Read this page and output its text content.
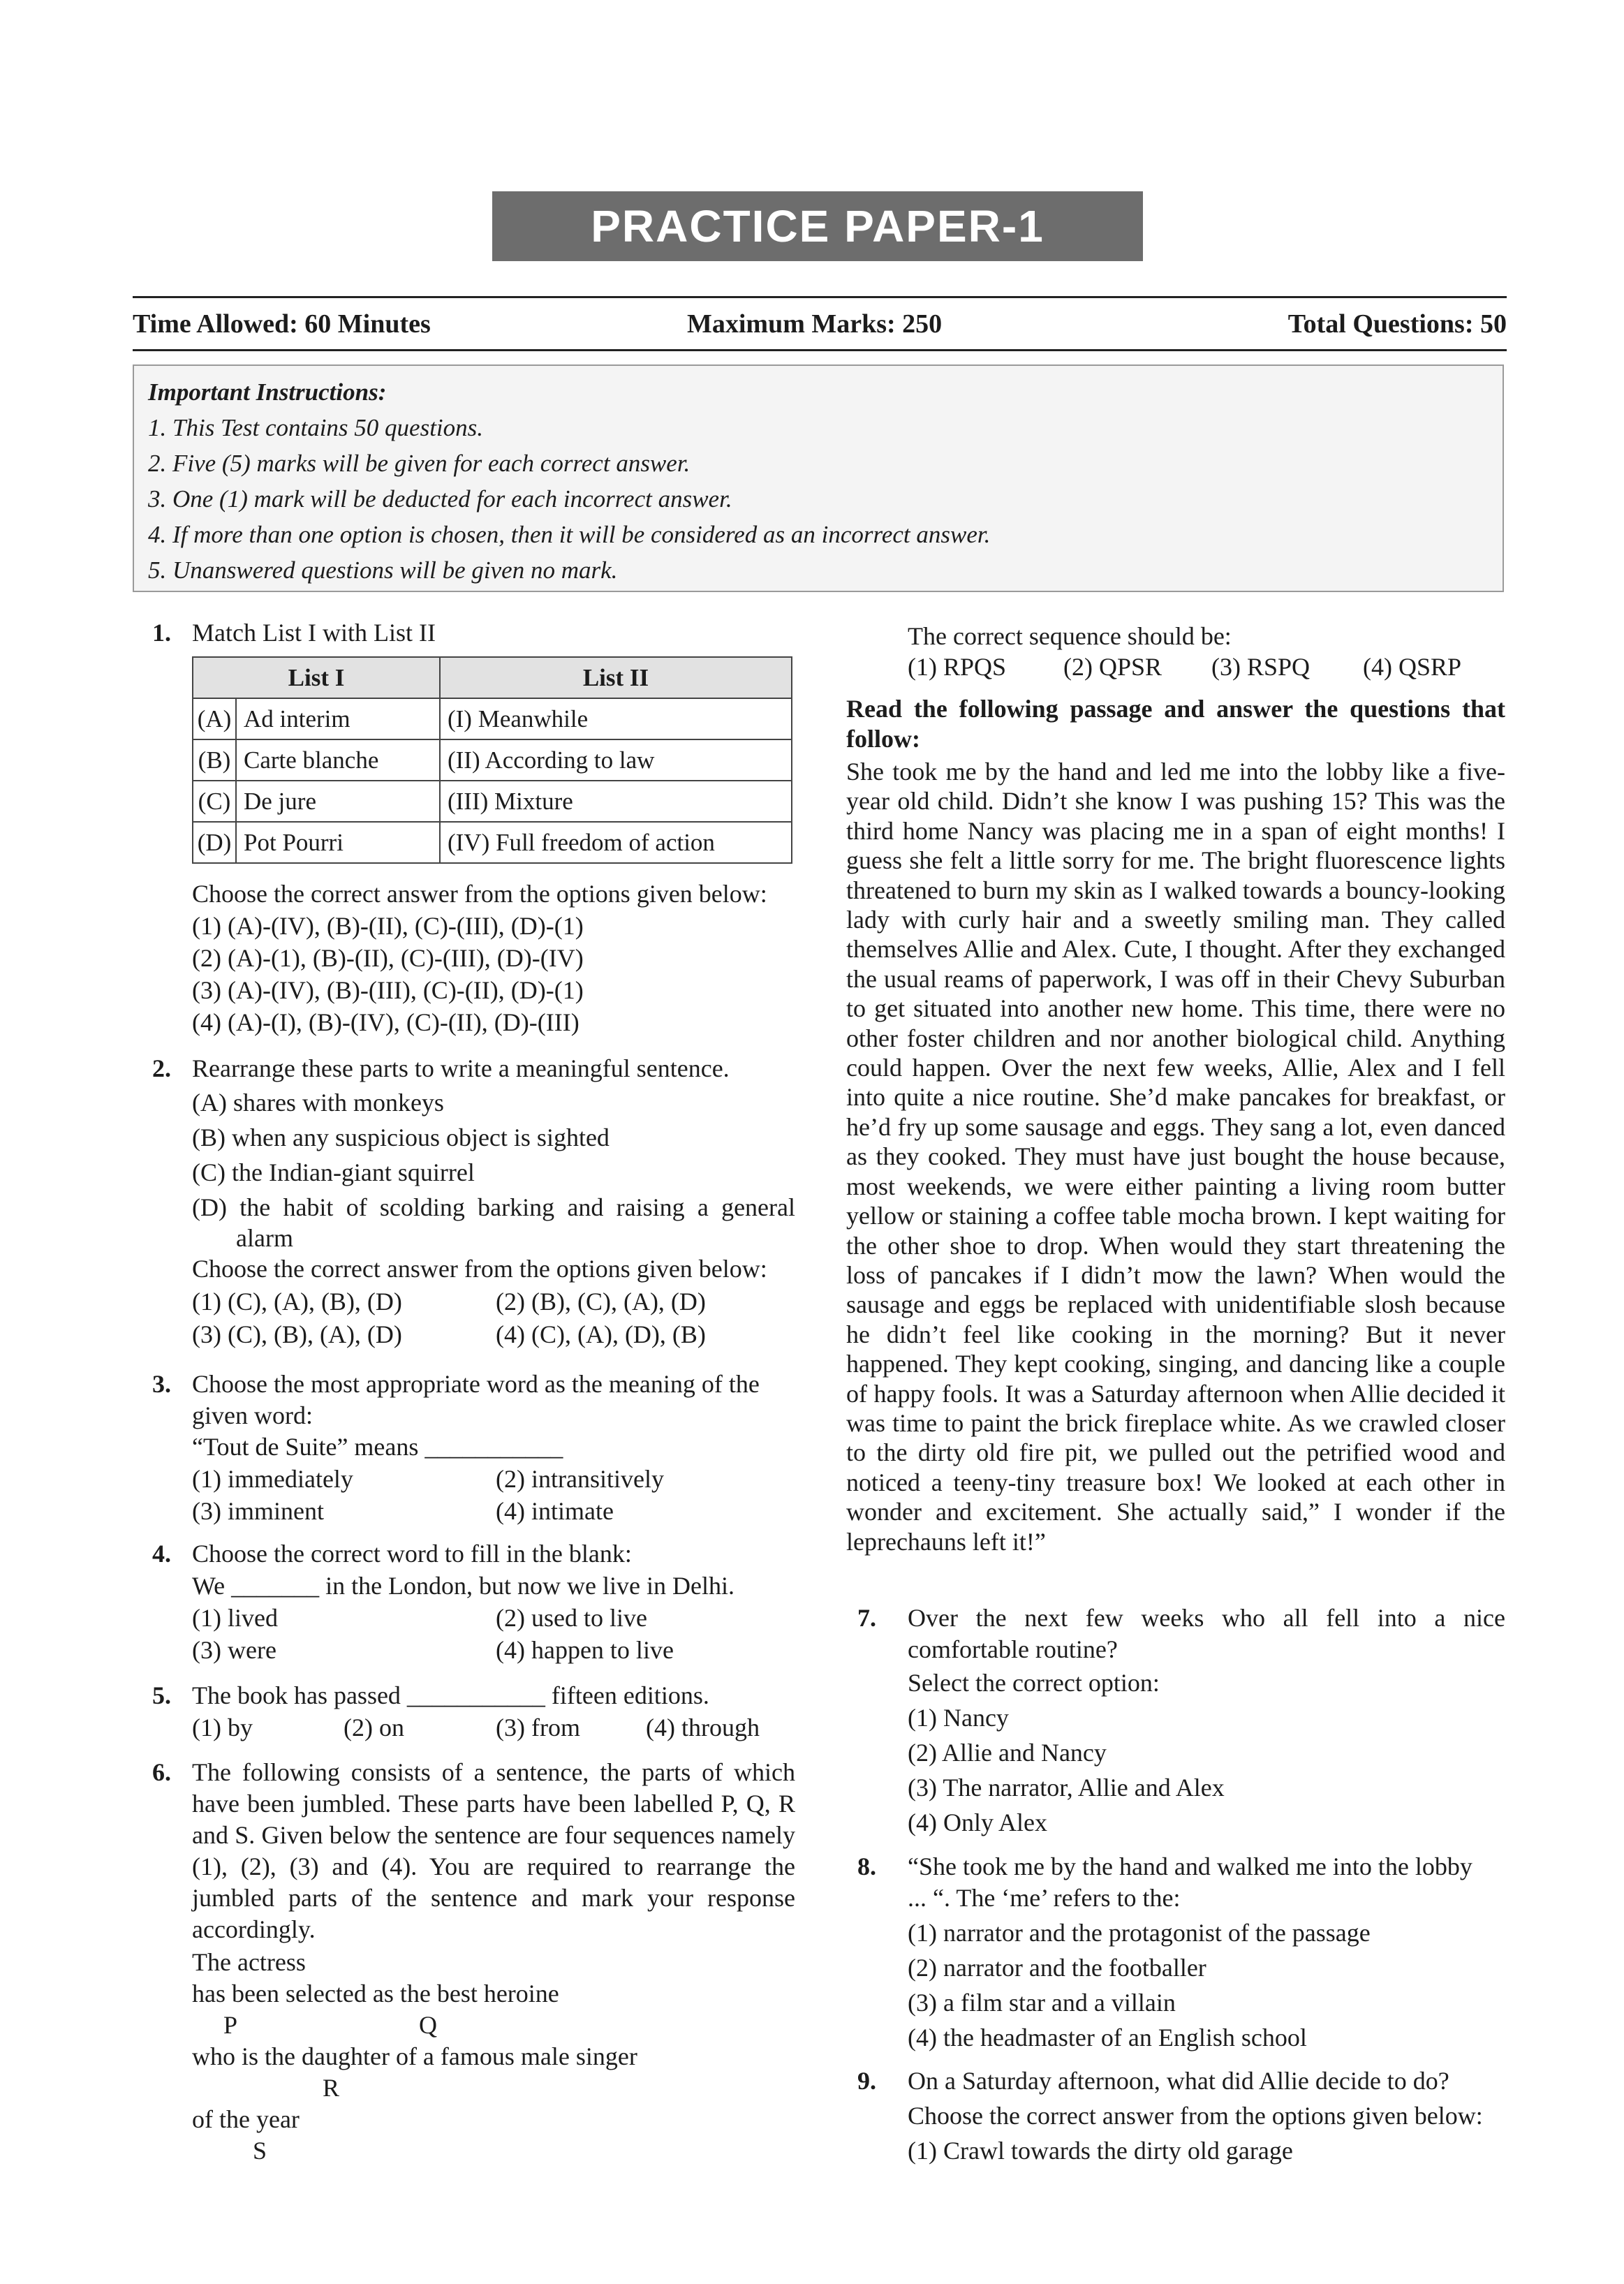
PRACTICE PAPER-1
Time Allowed: 60 Minutes	Maximum Marks: 250	Total Questions: 50
Important Instructions:
1. This Test contains 50 questions.
2. Five (5) marks will be given for each correct answer.
3. One (1) mark will be deducted for each incorrect answer.
4. If more than one option is chosen, then it will be considered as an incorrect answer.
5. Unanswered questions will be given no mark.
1. Match List I with List II
List I		List II
(A)	Ad interim	(I) Meanwhile
(B)	Carte blanche	(II) According to law
(C)	De jure	(III) Mixture
(D)	Pot Pourri	(IV) Full freedom of action
Choose the correct answer from the options given below:
(1) (A)-(IV), (B)-(II), (C)-(III), (D)-(1)
(2) (A)-(1), (B)-(II), (C)-(III), (D)-(IV)
(3) (A)-(IV), (B)-(III), (C)-(II), (D)-(1)
(4) (A)-(I), (B)-(IV), (C)-(II), (D)-(III)
2. Rearrange these parts to write a meaningful sentence.
(A) shares with monkeys
(B) when any suspicious object is sighted
(C) the Indian-giant squirrel
(D) the habit of scolding barking and raising a general
alarm
Choose the correct answer from the options given below:
(1) (C), (A), (B), (D)	(2) (B), (C), (A), (D)
(3) (C), (B), (A), (D)	(4) (C), (A), (D), (B)
3. Choose the most appropriate word as the meaning of the
given word:
“Tout de Suite” means ___________
(1) immediately	(2) intransitively
(3) imminent	(4) intimate
4. Choose the correct word to fill in the blank:
We _______ in the London, but now we live in Delhi.
(1) lived	(2) used to live
(3) were	(4) happen to live
5. The book has passed ___________ fifteen editions.
(1) by	(2) on	(3) from	(4) through
6. The following consists of a sentence, the parts of which have been jumbled. These parts have been labelled P, Q, R and S. Given below the sentence are four sequences namely (1), (2), (3) and (4). You are required to rearrange the jumbled parts of the sentence and mark your response accordingly.
The actress
has been selected as the best heroine
P	Q
who is the daughter of a famous male singer
R
of the year
S
The correct sequence should be:
(1) RPQS (2) QPSR (3) RSPQ (4) QSRP
Read the following passage and answer the questions that follow:
She took me by the hand and led me into the lobby like a five-year old child. Didn’t she know I was pushing 15? This was the third home Nancy was placing me in a span of eight months! I guess she felt a little sorry for me. The bright fluorescence lights threatened to burn my skin as I walked towards a bouncy-looking lady with curly hair and a sweetly smiling man. They called themselves Allie and Alex. Cute, I thought. After they exchanged the usual reams of paperwork, I was off in their Chevy Suburban to get situated into another new home. This time, there were no other foster children and nor another biological child. Anything could happen. Over the next few weeks, Allie, Alex and I fell into quite a nice routine. She’d make pancakes for breakfast, or he’d fry up some sausage and eggs. They sang a lot, even danced as they cooked. They must have just bought the house because, most weekends, we were either painting a living room butter yellow or staining a coffee table mocha brown. I kept waiting for the other shoe to drop. When would they start threatening the loss of pancakes if I didn’t mow the lawn? When would the sausage and eggs be replaced with unidentifiable slosh because he didn’t feel like cooking in the morning? But it never happened. They kept cooking, singing, and dancing like a couple of happy fools. It was a Saturday afternoon when Allie decided it was time to paint the brick fireplace white. As we crawled closer to the dirty old fire pit, we pulled out the petrified wood and noticed a teeny-tiny treasure box! We looked at each other in wonder and excitement. She actually said,” I wonder if the leprechauns left it!”
7. Over the next few weeks who all fell into a nice
comfortable routine?
Select the correct option:
(1) Nancy
(2) Allie and Nancy
(3) The narrator, Allie and Alex
(4) Only Alex
8. “She took me by the hand and walked me into the lobby
... “. The ‘me’ refers to the:
(1) narrator and the protagonist of the passage
(2) narrator and the footballer
(3) a film star and a villain
(4) the headmaster of an English school
9. On a Saturday afternoon, what did Allie decide to do?
Choose the correct answer from the options given below:
(1) Crawl towards the dirty old garage
